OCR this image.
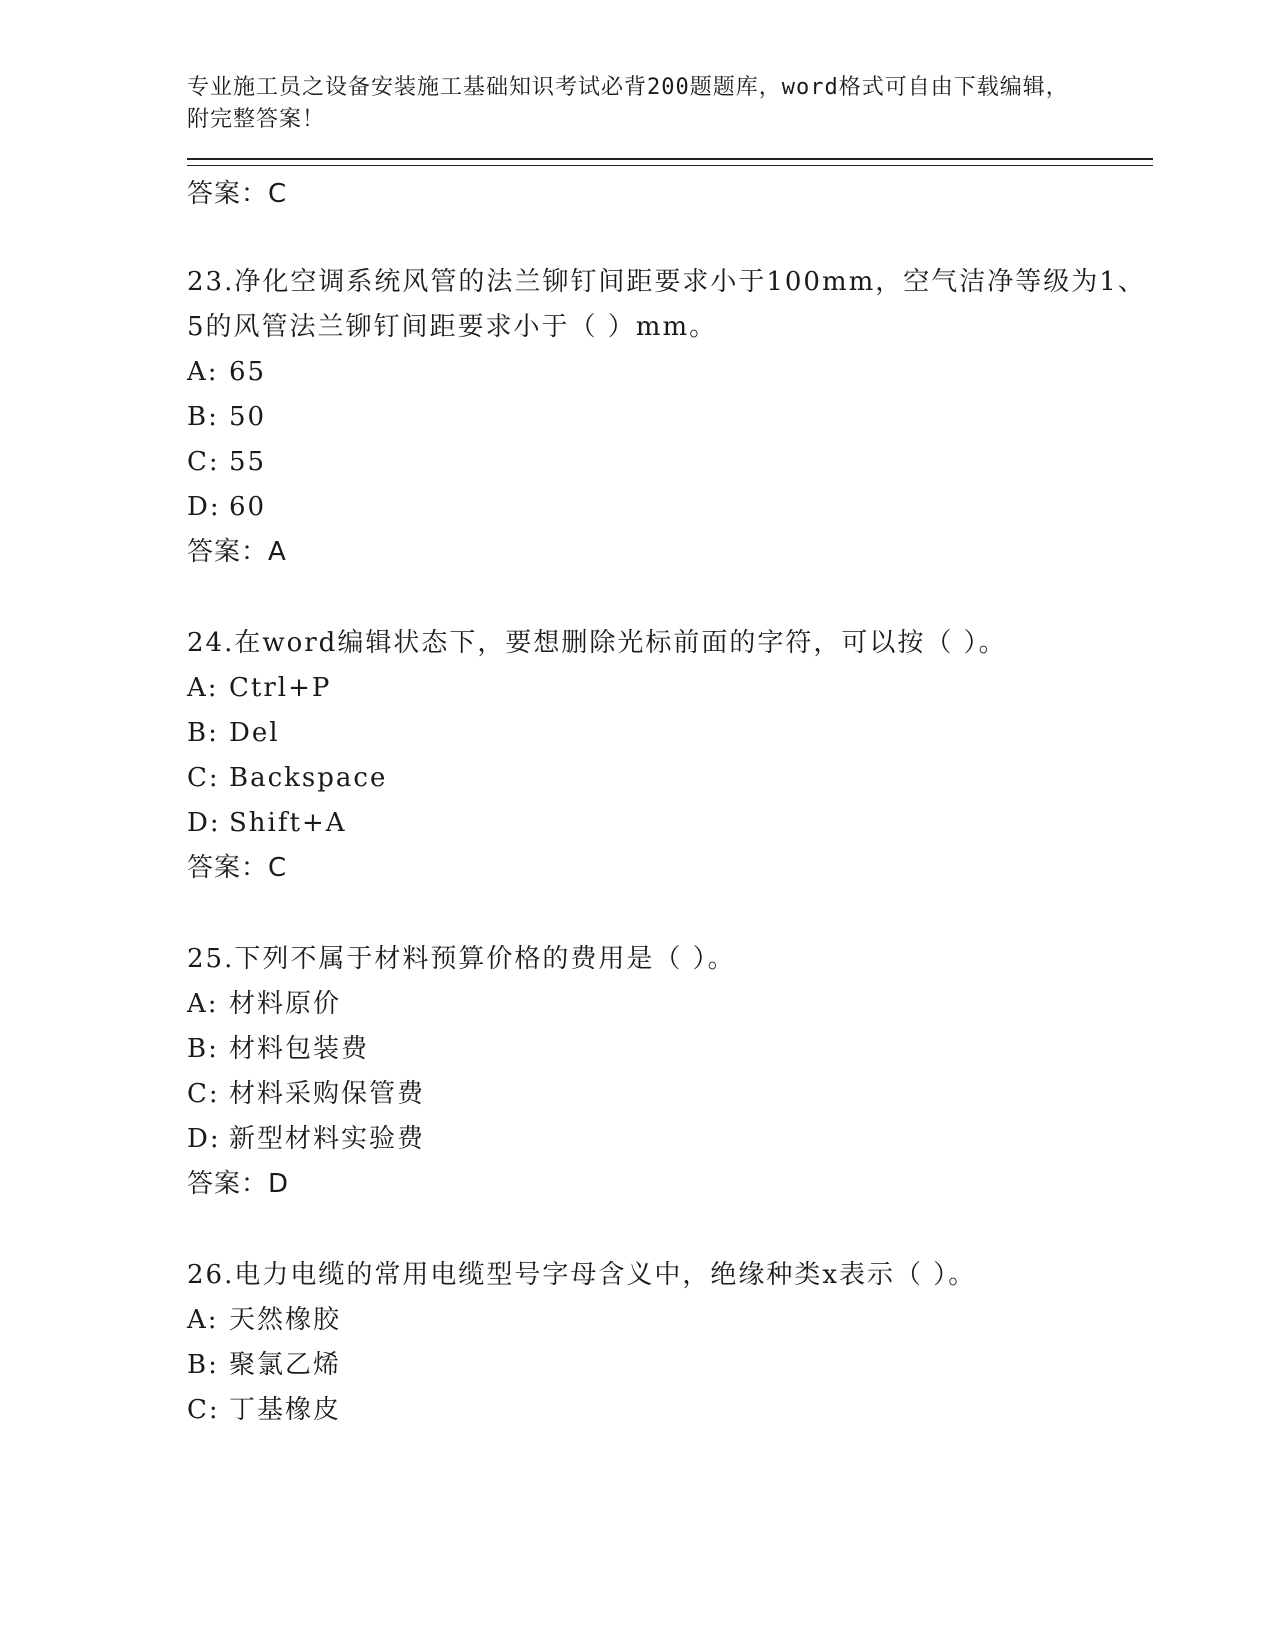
专业施工员之设备安装施工基础知识考试必背200题题库，word格式可自由下载编辑，附完整答案！

答案：C

23.净化空调系统风管的法兰铆钉间距要求小于100mm，空气洁净等级为1、5的风管法兰铆钉间距要求小于（ ）mm。

A: 65

B: 50

C: 55

D: 60

答案：A

24.在word编辑状态下，要想删除光标前面的字符，可以按（ ）。

A: Ctrl+P

B: Del

C: Backspace

D: Shift+A

答案：C

25.下列不属于材料预算价格的费用是（ ）。

A: 材料原价

B: 材料包装费

C: 材料采购保管费

D: 新型材料实验费

答案：D

26.电力电缆的常用电缆型号字母含义中，绝缘种类x表示（ ）。

A: 天然橡胶

B: 聚氯乙烯

C: 丁基橡皮
